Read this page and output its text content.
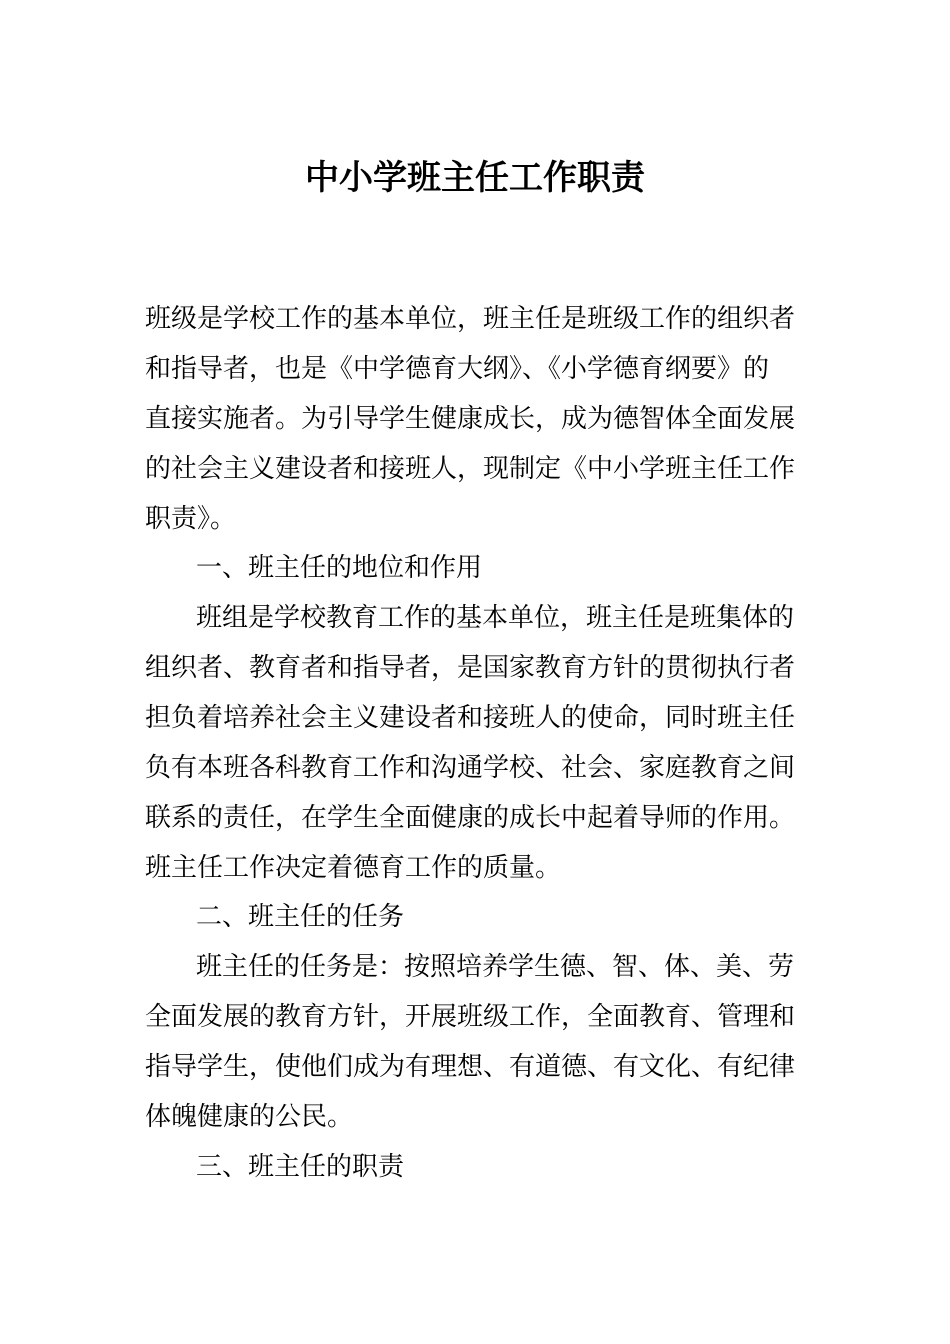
中小学班主任工作职责
班级是学校工作的基本单位，班主任是班级工作的组织者
和指导者，也是《中学德育大纲》、《小学德育纲要》的
直接实施者。为引导学生健康成长，成为德智体全面发展
的社会主义建设者和接班人，现制定《中小学班主任工作
职责》。
一、班主任的地位和作用
班组是学校教育工作的基本单位，班主任是班集体的
组织者、教育者和指导者，是国家教育方针的贯彻执行者
担负着培养社会主义建设者和接班人的使命，同时班主任
负有本班各科教育工作和沟通学校、社会、家庭教育之间
联系的责任，在学生全面健康的成长中起着导师的作用。
班主任工作决定着德育工作的质量。
二、班主任的任务
班主任的任务是：按照培养学生德、智、体、美、劳
全面发展的教育方针，开展班级工作，全面教育、管理和
指导学生，使他们成为有理想、有道德、有文化、有纪律
体魄健康的公民。
三、班主任的职责
